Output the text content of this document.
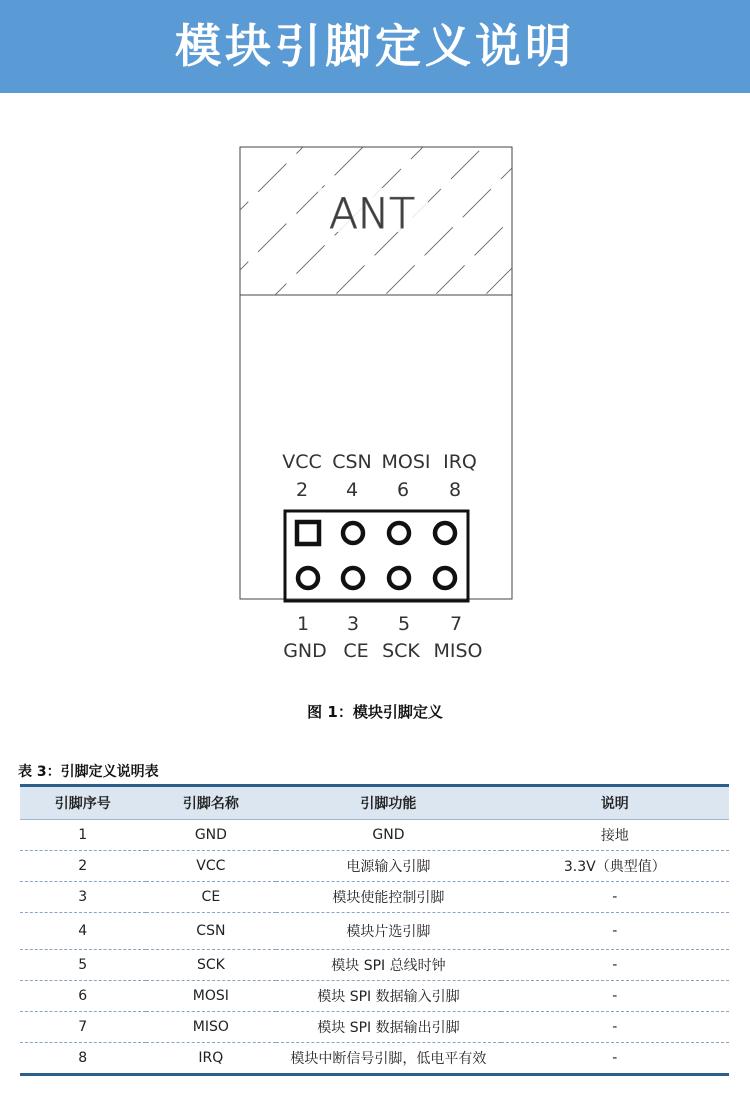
模块引脚定义说明
ANT
VCC CSN MOSI IRQ
2 4 6 8
1 3 5 7
GND CE SCK MISO
图 1：模块引脚定义
表 3：引脚定义说明表
引脚序号	引脚名称	引脚功能	说明
1	GND	GND	接地
2	VCC	电源输入引脚	3.3V（典型值）
3	CE	模块使能控制引脚	-
4	CSN	模块片选引脚	-
5	SCK	模块 SPI 总线时钟	-
6	MOSI	模块 SPI 数据输入引脚	-
7	MISO	模块 SPI 数据输出引脚	-
8	IRQ	模块中断信号引脚，低电平有效	-
